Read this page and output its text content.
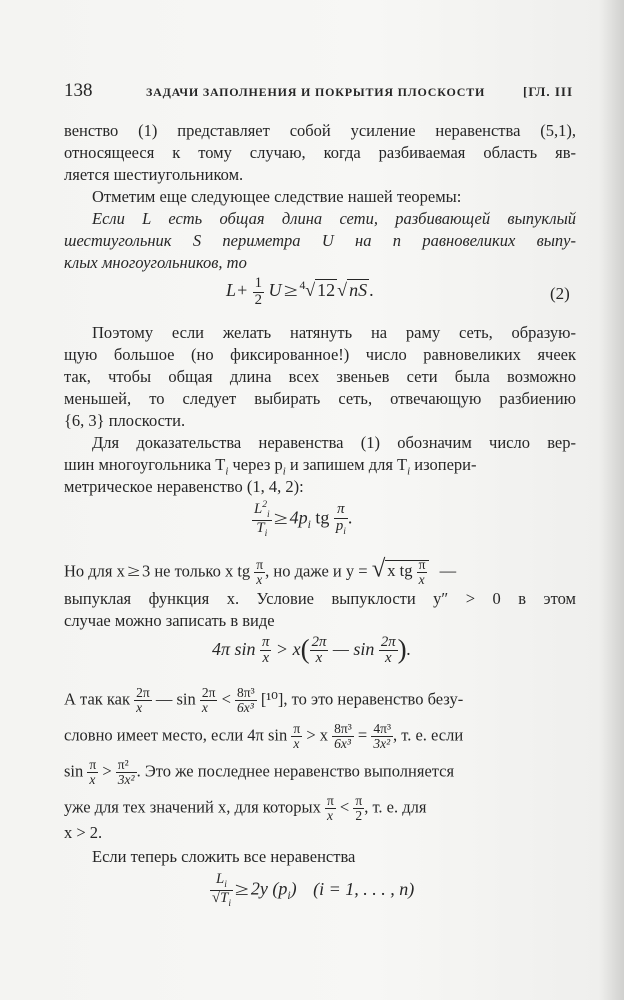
138	ЗАДАЧИ ЗАПОЛНЕНИЯ И ПОКРЫТИЯ ПЛОСКОСТИ	[ГЛ. III
венство (1) представляет собой усиление неравенства (5,1),
относящееся к тому случаю, когда разбиваемая область яв-
ляется шестиугольником.
Отметим еще следующее следствие нашей теоремы:
Если L есть общая длина сети, разбивающей выпуклый
шестиугольник S периметра U на n равновеликих выпу-
клых многоугольников, то
$L+ \frac{1}{2}$ U ≥ $^4$√ 12 √ nS .	(2)
Поэтому если желать натянуть на раму сеть, образую-
щую большое (но фиксированное!) число равновеликих ячеек
так, чтобы общая длина всех звеньев сети была возможно
меньшей, то следует выбирать сеть, отвечающую разбиению
{6, 3} плоскости.
Для доказательства неравенства (1) обозначим число вер-
шин многоугольника $T_i$ через $p_i$ и запишем для $T_i$ изопери-
метрическое неравенство (1, 4, 2):
$\frac{L^2_i}{T_i} \ge 4p_i$ tg $\frac{\pi}{p_i}$ .
Но для x ≥ 3 не только x tg $\frac{\pi}{x}$ , но даже и y = √ x tg $\frac{\pi}{x}$ —
выпуклая функция x. Условие выпуклости y″ > 0 в этом
случае можно записать в виде
4π $\sin \frac{\pi}{x} > x( \frac{2\pi}{x}$ — $\sin \frac{2\pi}{x}$ ).
А так как $\frac{2\pi}{x}$ — $\sin \frac{2\pi}{x} < \frac{\text{8π³}}{\text{6x³}} [^{10}]$, то это неравенство безу-
словно имеет место, если 4π $\sin \frac{\pi}{x} > x \frac{\text{8π³}}{\text{6x³}} = \frac{\text{4π³}}{\text{3x²}}$ , т. е. если
$\sin \frac{\pi}{x} > \frac{\text{π²}}{\text{3x²}}$ . Это же последнее неравенство выполняется
уже для тех значений x, для которых $\frac{\pi}{x} < \frac{\pi}{2}$ , т. е. для
x > 2.
Если теперь сложить все неравенства
$\frac{L_i}{√T_i} \ge 2y$ $(p_i) (i = 1$, . . . , n)
